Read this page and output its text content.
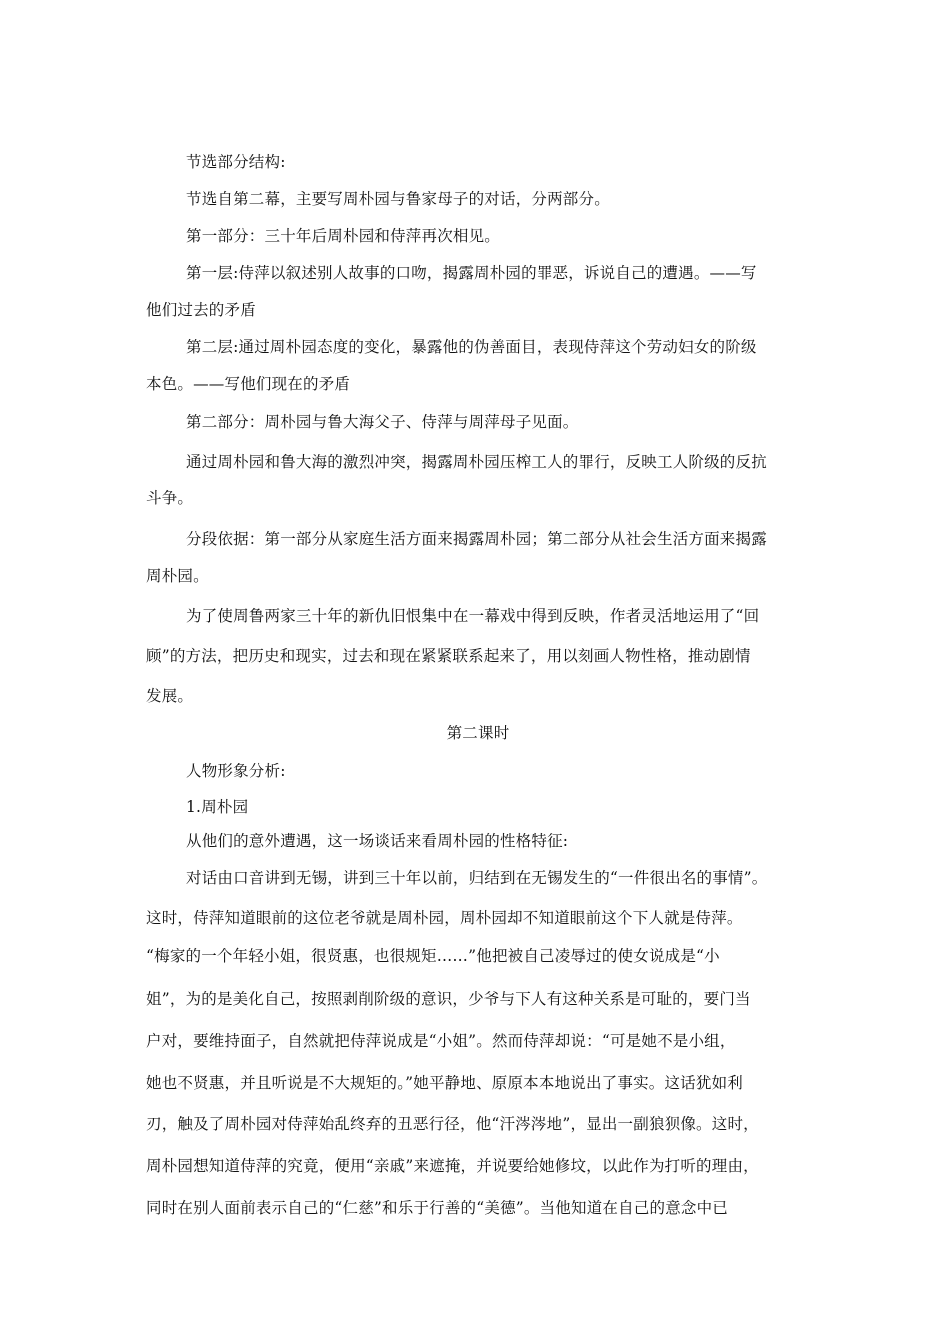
节选部分结构:
节选自第二幕，主要写周朴园与鲁家母子的对话，分两部分。
第一部分：三十年后周朴园和侍萍再次相见。
第一层:侍萍以叙述别人故事的口吻，揭露周朴园的罪恶，诉说自己的遭遇。——写
他们过去的矛盾
第二层:通过周朴园态度的变化，暴露他的伪善面目，表现侍萍这个劳动妇女的阶级
本色。——写他们现在的矛盾
第二部分：周朴园与鲁大海父子、侍萍与周萍母子见面。
通过周朴园和鲁大海的激烈冲突，揭露周朴园压榨工人的罪行，反映工人阶级的反抗
斗争。
分段依据：第一部分从家庭生活方面来揭露周朴园；第二部分从社会生活方面来揭露
周朴园。
为了使周鲁两家三十年的新仇旧恨集中在一幕戏中得到反映，作者灵活地运用了“回
顾”的方法，把历史和现实，过去和现在紧紧联系起来了，用以刻画人物性格，推动剧情
发展。
第二课时
人物形象分析:
1.周朴园
从他们的意外遭遇，这一场谈话来看周朴园的性格特征:
对话由口音讲到无锡，讲到三十年以前，归结到在无锡发生的“一件很出名的事情”。
这时，侍萍知道眼前的这位老爷就是周朴园，周朴园却不知道眼前这个下人就是侍萍。
“梅家的一个年轻小姐，很贤惠，也很规矩……”他把被自己凌辱过的使女说成是“小
姐”，为的是美化自己，按照剥削阶级的意识，少爷与下人有这种关系是可耻的，要门当
户对，要维持面子，自然就把侍萍说成是“小姐”。然而侍萍却说：“可是她不是小组，
她也不贤惠，并且听说是不大规矩的。”她平静地、原原本本地说出了事实。这话犹如利
刃，触及了周朴园对侍萍始乱终弃的丑恶行径，他“汗涔涔地”，显出一副狼狈像。这时，
周朴园想知道侍萍的究竟，便用“亲戚”来遮掩，并说要给她修坟，以此作为打听的理由，
同时在别人面前表示自己的“仁慈”和乐于行善的“美德”。当他知道在自己的意念中已
